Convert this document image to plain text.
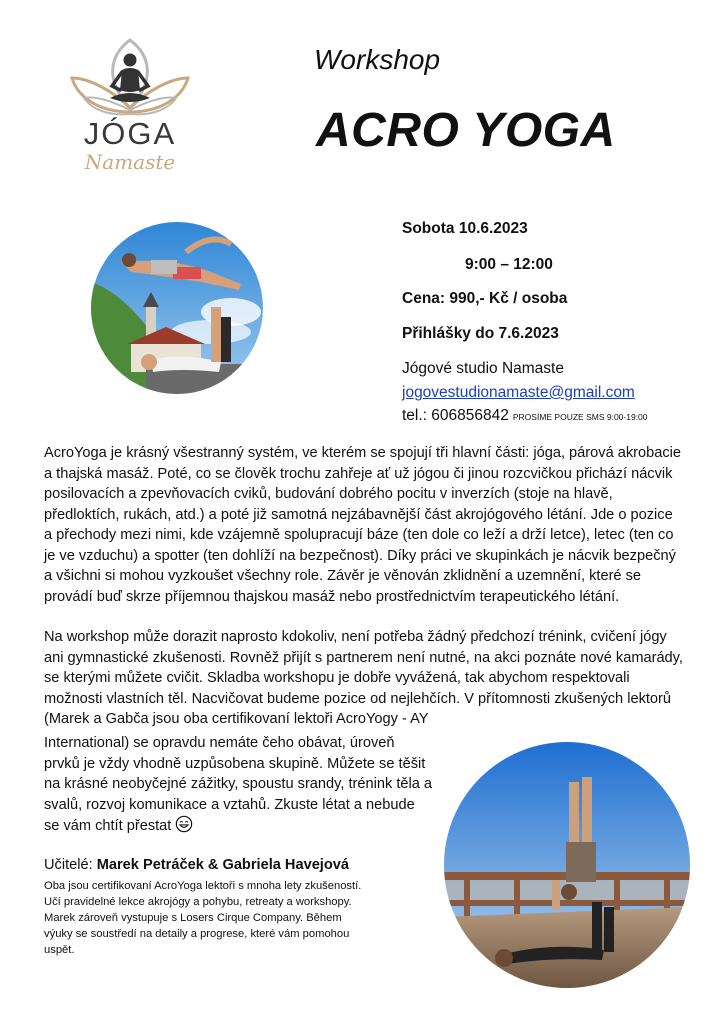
JÓGA
Namaste
Workshop
ACRO YOGA
Sobota 10.6.2023
9:00 – 12:00
Cena: 990,- Kč / osoba
Přihlášky do 7.6.2023
Jógové studio Namaste
jogovestudionamaste@gmail.com
tel.: 606856842 PROSÍME POUZE SMS 9:00-19:00

AcroYoga je krásný všestranný systém, ve kterém se spojují tři hlavní části: jóga, párová akrobacie a thajská masáž. Poté, co se člověk trochu zahřeje ať už jógou či jinou rozcvičkou přichází nácvik posilovacích a zpevňovacích cviků, budování dobrého pocitu v inverzích (stoje na hlavě, předloktích, rukách, atd.) a poté již samotná nejzábavnější část akrojógového létání. Jde o pozice a přechody mezi nimi, kde vzájemně spolupracují báze (ten dole co leží a drží letce), letec (ten co je ve vzduchu) a spotter (ten dohlíží na bezpečnost). Díky práci ve skupinkách je nácvik bezpečný a všichni si mohou vyzkoušet všechny role. Závěr je věnován zklidnění a uzemnění, které se provádí buď skrze příjemnou thajskou masáž nebo prostřednictvím terapeutického létání.

Na workshop může dorazit naprosto kdokoliv, není potřeba žádný předchozí trénink, cvičení jógy ani gymnastické zkušenosti. Rovněž přijít s partnerem není nutné, na akci poznáte nové kamarády, se kterými můžete cvičit. Skladba workshopu je dobře vyvážená, tak abychom respektovali možnosti vlastních těl. Nacvičovat budeme pozice od nejlehčích. V přítomnosti zkušených lektorů (Marek a Gabča jsou oba certifikovaní lektoři AcroYogy - AY

International) se opravdu nemáte čeho obávat, úroveň prvků je vždy vhodně uzpůsobena skupině. Můžete se těšit na krásné neobyčejné zážitky, spoustu srandy, trénink těla a svalů, rozvoj komunikace a vztahů. Zkuste létat a nebude se vám chtít přestat

Učitelé: Marek Petráček & Gabriela Havejová

Oba jsou certifikovaní AcroYoga lektoři s mnoha lety zkušeností.
Učí pravidelné lekce akrojógy a pohybu, retreaty a workshopy.
Marek zároveň vystupuje s Losers Cirque Company. Během
výuky se soustředí na detaily a progrese, které vám pomohou
uspět.
